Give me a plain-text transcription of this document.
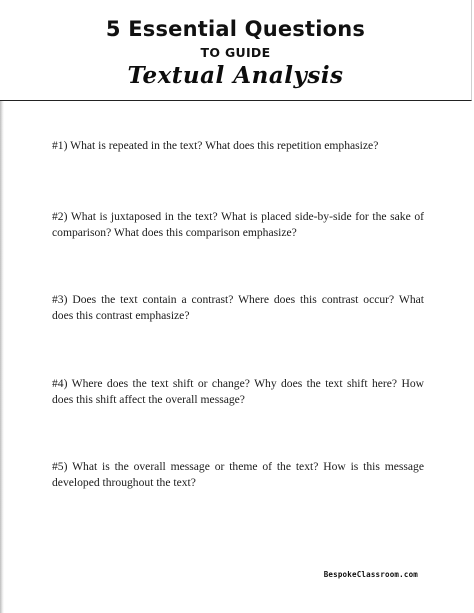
5 Essential Questions
TO GUIDE
Textual Analysis
#1) What is repeated in the text? What does this repetition emphasize?
#2) What is juxtaposed in the text? What is placed side-by-side for the sake of comparison? What does this comparison emphasize?
#3) Does the text contain a contrast? Where does this contrast occur? What does this contrast emphasize?
#4) Where does the text shift or change? Why does the text shift here? How does this shift affect the overall message?
#5) What is the overall message or theme of the text? How is this message developed throughout the text?
BespokeClassroom.com
